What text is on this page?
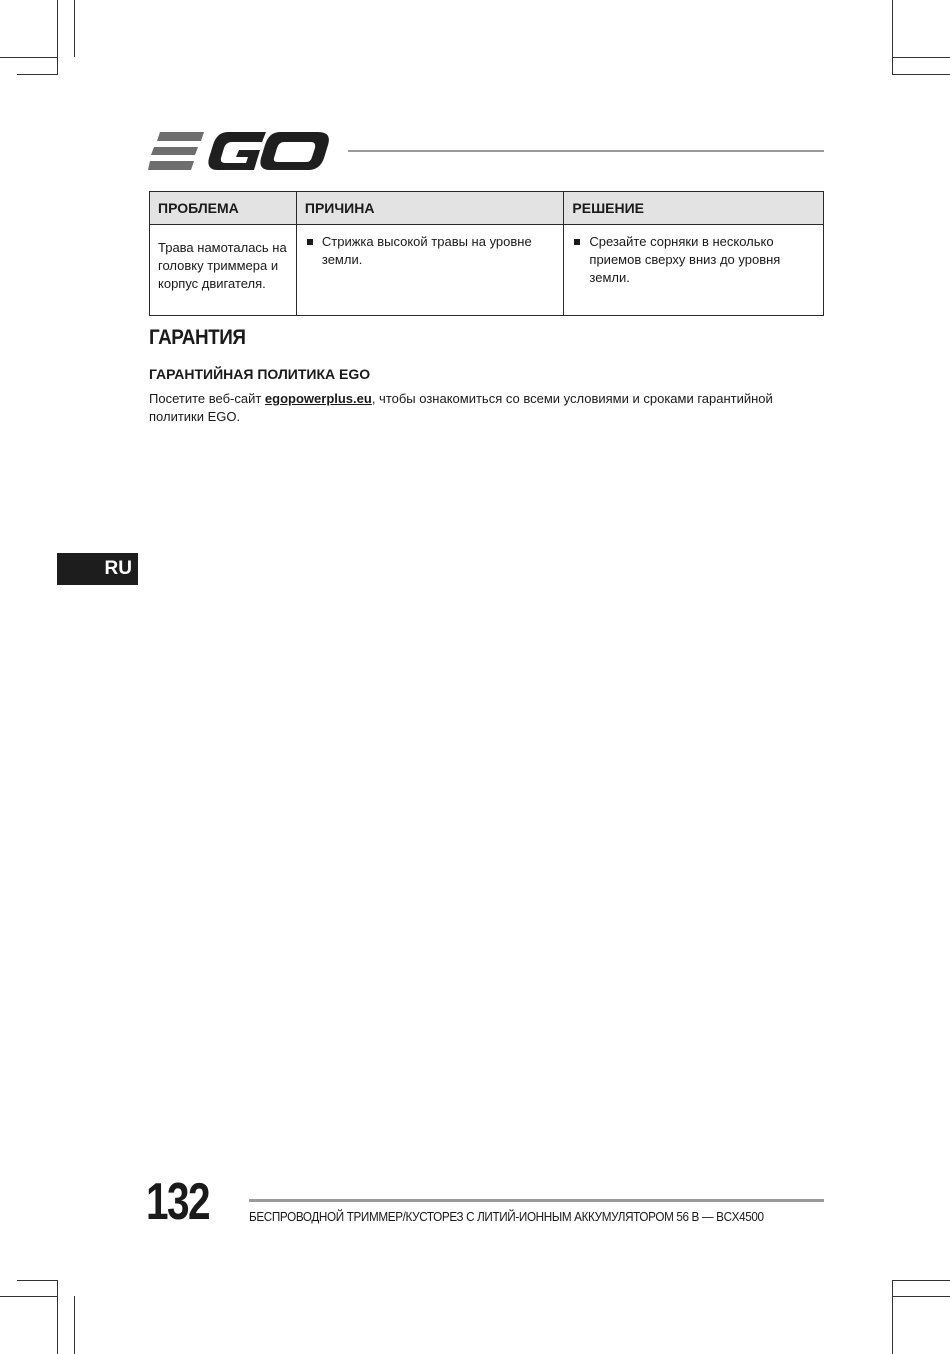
ПРОБЛЕМА	ПРИЧИНА	РЕШЕНИЕ
Трава намоталась на головку триммера и корпус двигателя.	Стрижка высокой травы на уровне земли.	Срезайте сорняки в несколько приемов сверху вниз до уровня земли.
ГАРАНТИЯ
ГАРАНТИЙНАЯ ПОЛИТИКА EGO

Посетите веб-сайт egopowerplus.eu, чтобы ознакомиться со всеми условиями и сроками гарантийной политики EGO.

RU
132	БЕСПРОВОДНОЙ ТРИММЕР/КУСТОРЕЗ С ЛИТИЙ-ИОННЫМ АККУМУЛЯТОРОМ 56 В — BCX4500
